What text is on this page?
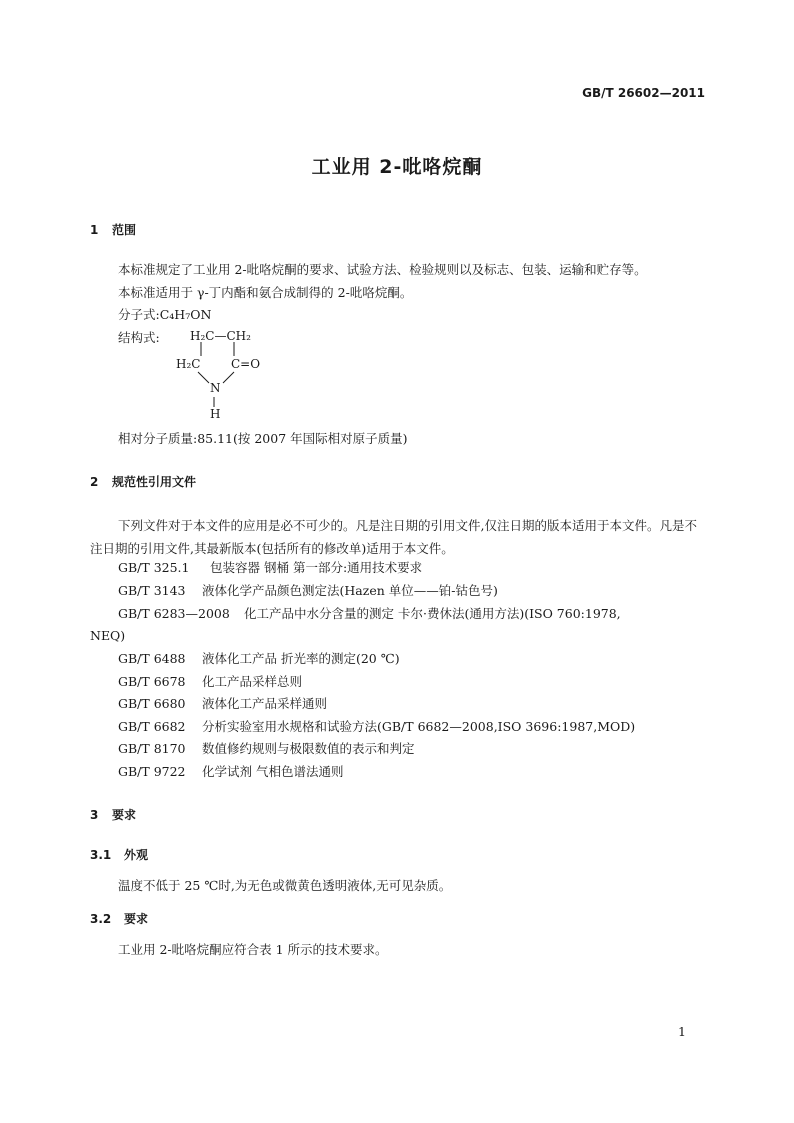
GB/T 26602—2011
工业用 2-吡咯烷酮
1 范围
本标准规定了工业用 2-吡咯烷酮的要求、试验方法、检验规则以及标志、包装、运输和贮存等。
本标准适用于 γ-丁内酯和氨合成制得的 2-吡咯烷酮。
分子式:C₄H₇ON
结构式:	H₂C—CH₂
H₂C	C=O
N
H
相对分子质量:85.11(按 2007 年国际相对原子质量)
2 规范性引用文件
下列文件对于本文件的应用是必不可少的。凡是注日期的引用文件,仅注日期的版本适用于本文件。凡是不注日期的引用文件,其最新版本(包括所有的修改单)适用于本文件。
GB/T 325.1 包装容器 钢桶 第一部分:通用技术要求
GB/T 3143 液体化学产品颜色测定法(Hazen 单位——铂-钴色号)
GB/T 6283—2008 化工产品中水分含量的测定 卡尔·费休法(通用方法)(ISO 760:1978,
NEQ)
GB/T 6488 液体化工产品 折光率的测定(20 ℃)
GB/T 6678 化工产品采样总则
GB/T 6680 液体化工产品采样通则
GB/T 6682 分析实验室用水规格和试验方法(GB/T 6682—2008,ISO 3696:1987,MOD)
GB/T 8170 数值修约规则与极限数值的表示和判定
GB/T 9722 化学试剂 气相色谱法通则
3 要求
3.1 外观
温度不低于 25 ℃时,为无色或微黄色透明液体,无可见杂质。
3.2 要求
工业用 2-吡咯烷酮应符合表 1 所示的技术要求。
1
